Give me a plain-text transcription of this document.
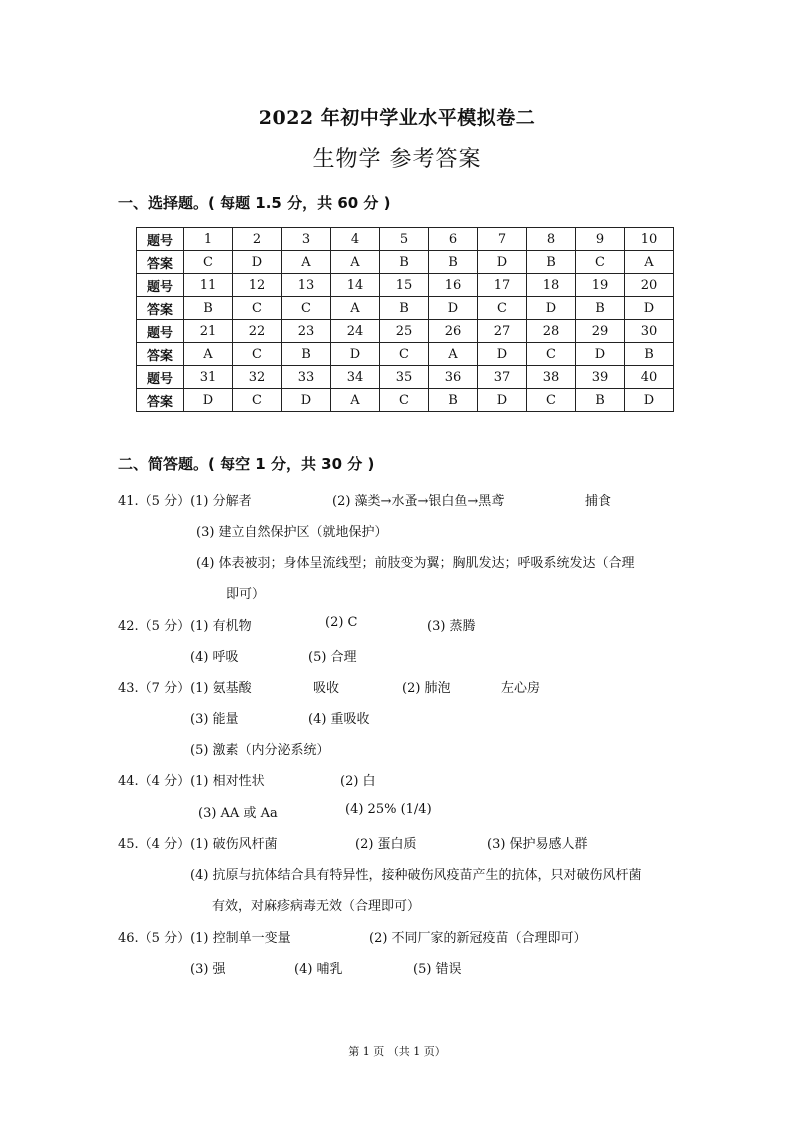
2022 年初中学业水平模拟卷二
生物学 参考答案
一、选择题。( 每题 1.5 分，共 60 分 )
题号	1	2	3	4	5	6	7	8	9	10
答案	C	D	A	A	B	B	D	B	C	A
题号	11	12	13	14	15	16	17	18	19	20
答案	B	C	C	A	B	D	C	D	B	D
题号	21	22	23	24	25	26	27	28	29	30
答案	A	C	B	D	C	A	D	C	D	B
题号	31	32	33	34	35	36	37	38	39	40
答案	D	C	D	A	C	B	D	C	B	D
二、简答题。( 每空 1 分，共 30 分 )
41.（5 分）(1) 分解者	(2) 藻类→水蚤→银白鱼→黑鸢	捕食
(3) 建立自然保护区（就地保护）
(4) 体表被羽；身体呈流线型；前肢变为翼；胸肌发达；呼吸系统发达（合理
即可）
42.（5 分）(1) 有机物	(2) C	(3) 蒸腾
(4) 呼吸	(5) 合理
43.（7 分）(1) 氨基酸	吸收	(2) 肺泡	左心房
(3) 能量	(4) 重吸收
(5) 激素（内分泌系统）
44.（4 分）(1) 相对性状	(2) 白
(3) AA 或 Aa	(4) 25% (1/4)
45.（4 分）(1) 破伤风杆菌	(2) 蛋白质	(3) 保护易感人群
(4) 抗原与抗体结合具有特异性，接种破伤风疫苗产生的抗体，只对破伤风杆菌
有效，对麻疹病毒无效（合理即可）
46.（5 分）(1) 控制单一变量	(2) 不同厂家的新冠疫苗（合理即可）
(3) 强	(4) 哺乳	(5) 错误
第 1 页 （共 1 页）
